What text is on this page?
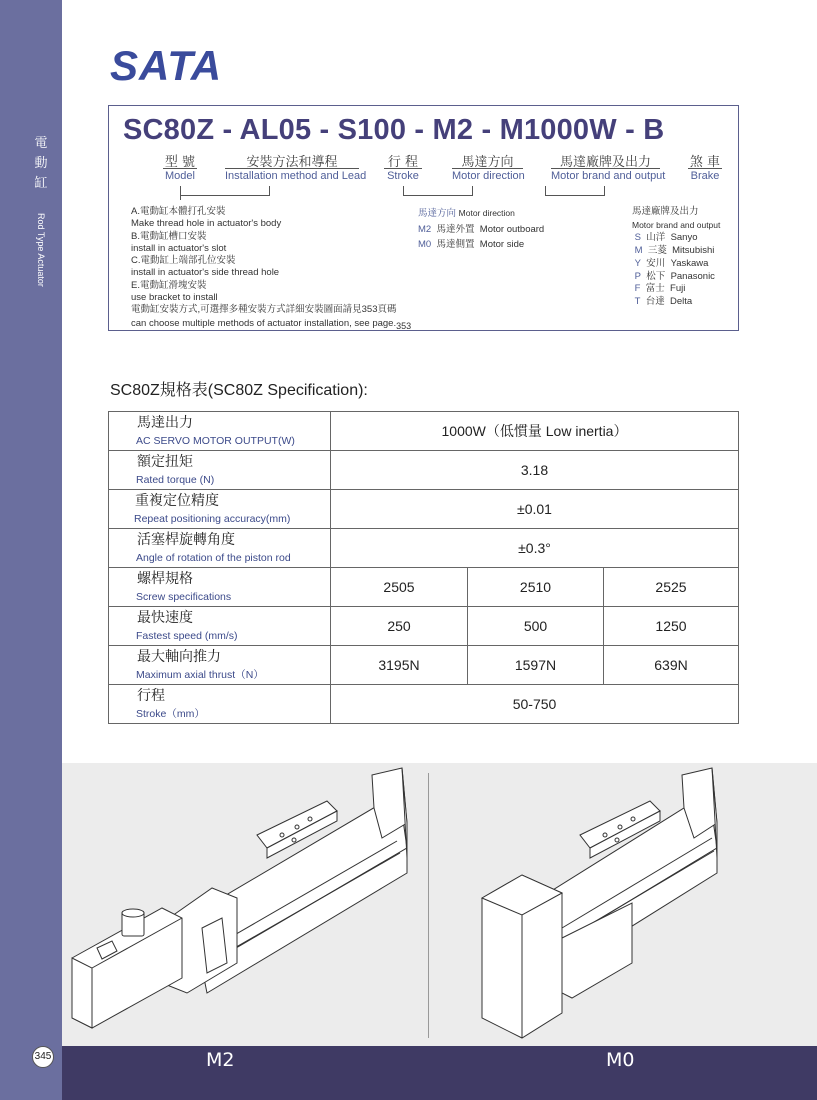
電
動
缸
Rod Type Actuator
SATA
SC80Z - AL05 - S100 - M2 - M1000W - B
型 號
Model
安裝方法和導程
Installation method and Lead
行 程
Stroke
馬達方向
Motor direction
馬達廠牌及出力
Motor brand and output
煞 車
Brake
A.電動缸本體打孔安裝
Make thread hole in actuator's body
B.電動缸槽口安裝
install in actuator's slot
C.電動缸上端部孔位安裝
install in actuator's side thread hole
E.電動缸滑塊安裝
use bracket to install
電動缸安裝方式,可選擇多種安裝方式詳細安裝圖面請見353頁碼
can choose multiple methods of actuator installation, see page.353
馬達方向 Motor direction
M2 馬達外置 Motor outboard
M0 馬達側置 Motor side
馬達廠牌及出力
Motor brand and output
S 山洋 Sanyo
M 三菱 Mitsubishi
Y 安川 Yaskawa
P 松下 Panasonic
F 富士 Fuji
T 台達 Delta
SC80Z規格表(SC80Z Specification):
馬達出力
AC SERVO MOTOR OUTPUT(W)	1000W（低慣量 Low inertia）		

額定扭矩
Rated torque (N)	3.18		

重複定位精度
Repeat positioning accuracy(mm)	±0.01		

活塞桿旋轉角度
Angle of rotation of the piston rod	±0.3°		

螺桿規格
Screw specifications	2505	2510	2525

最快速度
Fastest speed (mm/s)	250	500	1250

最大軸向推力
Maximum axial thrust（N）	3195N	1597N	639N

行程
Stroke（mm）	50-750		
M2	M0
345
